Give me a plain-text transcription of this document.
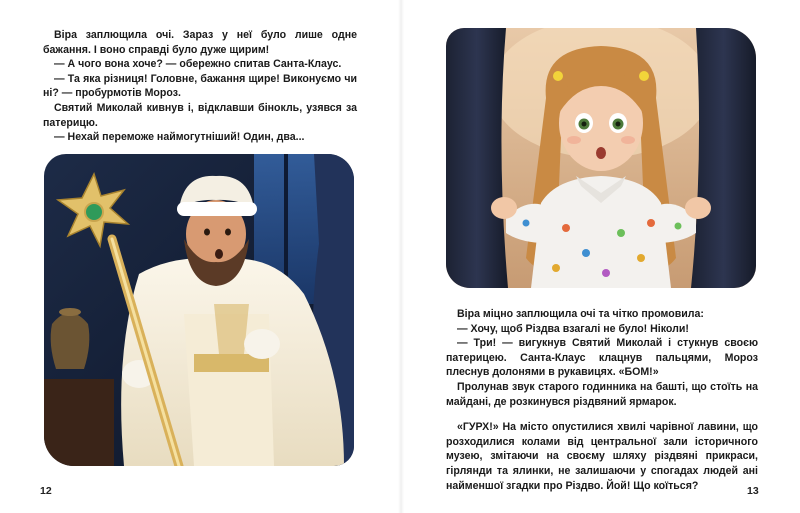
Віра заплющила очі. Зараз у неї було лише одне бажання. І воно справді було дуже щирим!

— А чого вона хоче? — обережно спитав Санта-Клаус.

— Та яка різниця! Головне, бажання щире! Виконуємо чи ні? — пробурмотів Мороз.

Святий Миколай кивнув і, відклавши бінокль, узявся за патерицю.

— Нехай переможе наймогутніший! Один, два...

Віра міцно заплющила очі та чітко промовила:

— Хочу, щоб Різдва взагалі не було! Ніколи!

— Три! — вигукнув Святий Миколай і стукнув своєю патерицею. Санта-Клаус клацнув пальцями, Мороз плеснув долонями в рукавицях. «БОМ!»

Пролунав звук старого годинника на башті, що стоїть на майдані, де розкинувся різдвяний ярмарок.

«ГУРХ!» На місто опустилися хвилі чарівної лавини, що розходилися колами від центральної зали історичного музею, змітаючи на своєму шляху різдвяні прикраси, гірлянди та ялинки, не залишаючи у спогадах людей ані найменшої згадки про Різдво. Йой! Що коїться?

12	13
